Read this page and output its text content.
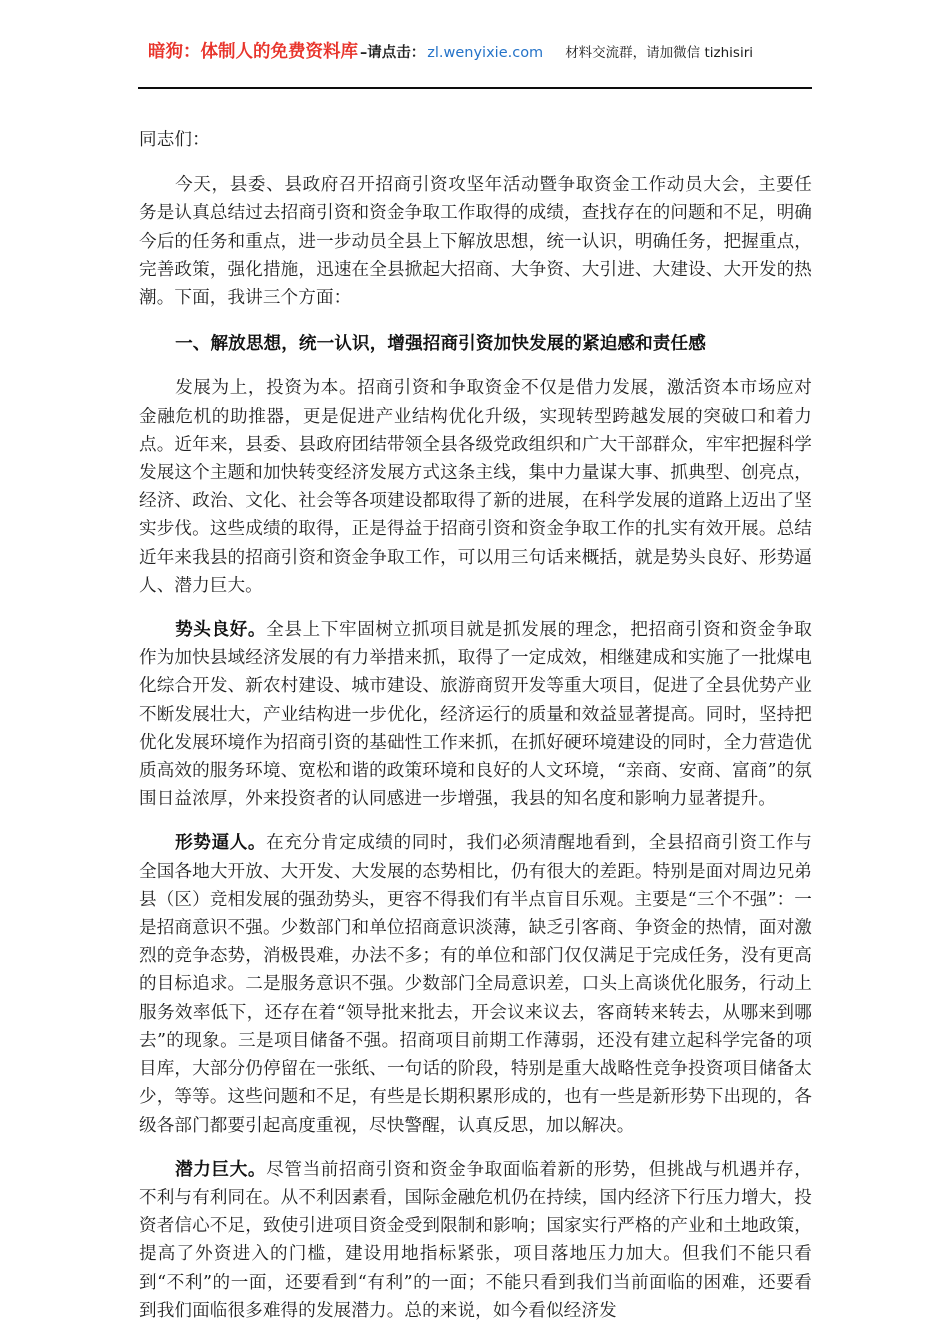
暗狗：体制人的免费资料库 –请点击： zl.wenyixie.com 材料交流群，请加微信 tizhisiri

同志们：

今天，县委、县政府召开招商引资攻坚年活动暨争取资金工作动员大会，主要任务是认真总结过去招商引资和资金争取工作取得的成绩，查找存在的问题和不足，明确今后的任务和重点，进一步动员全县上下解放思想，统一认识，明确任务，把握重点，完善政策，强化措施，迅速在全县掀起大招商、大争资、大引进、大建设、大开发的热潮。下面，我讲三个方面：

一、解放思想，统一认识，增强招商引资加快发展的紧迫感和责任感

发展为上，投资为本。招商引资和争取资金不仅是借力发展，激活资本市场应对金融危机的助推器，更是促进产业结构优化升级，实现转型跨越发展的突破口和着力点。近年来，县委、县政府团结带领全县各级党政组织和广大干部群众，牢牢把握科学发展这个主题和加快转变经济发展方式这条主线，集中力量谋大事、抓典型、创亮点，经济、政治、文化、社会等各项建设都取得了新的进展，在科学发展的道路上迈出了坚实步伐。这些成绩的取得，正是得益于招商引资和资金争取工作的扎实有效开展。总结近年来我县的招商引资和资金争取工作，可以用三句话来概括，就是势头良好、形势逼人、潜力巨大。

势头良好。全县上下牢固树立抓项目就是抓发展的理念，把招商引资和资金争取作为加快县域经济发展的有力举措来抓，取得了一定成效，相继建成和实施了一批煤电化综合开发、新农村建设、城市建设、旅游商贸开发等重大项目，促进了全县优势产业不断发展壮大，产业结构进一步优化，经济运行的质量和效益显著提高。同时，坚持把优化发展环境作为招商引资的基础性工作来抓，在抓好硬环境建设的同时，全力营造优质高效的服务环境、宽松和谐的政策环境和良好的人文环境，“亲商、安商、富商”的氛围日益浓厚，外来投资者的认同感进一步增强，我县的知名度和影响力显著提升。

形势逼人。在充分肯定成绩的同时，我们必须清醒地看到，全县招商引资工作与全国各地大开放、大开发、大发展的态势相比，仍有很大的差距。特别是面对周边兄弟县（区）竞相发展的强劲势头，更容不得我们有半点盲目乐观。主要是“三个不强”：一是招商意识不强。少数部门和单位招商意识淡薄，缺乏引客商、争资金的热情，面对激烈的竞争态势，消极畏难，办法不多；有的单位和部门仅仅满足于完成任务，没有更高的目标追求。二是服务意识不强。少数部门全局意识差，口头上高谈优化服务，行动上服务效率低下，还存在着“领导批来批去，开会议来议去，客商转来转去，从哪来到哪去”的现象。三是项目储备不强。招商项目前期工作薄弱，还没有建立起科学完备的项目库，大部分仍停留在一张纸、一句话的阶段，特别是重大战略性竞争投资项目储备太少，等等。这些问题和不足，有些是长期积累形成的，也有一些是新形势下出现的，各级各部门都要引起高度重视，尽快警醒，认真反思，加以解决。

潜力巨大。尽管当前招商引资和资金争取面临着新的形势，但挑战与机遇并存，不利与有利同在。从不利因素看，国际金融危机仍在持续，国内经济下行压力增大，投资者信心不足，致使引进项目资金受到限制和影响；国家实行严格的产业和土地政策，提高了外资进入的门槛，建设用地指标紧张，项目落地压力加大。但我们不能只看到“不利”的一面，还要看到“有利”的一面；不能只看到我们当前面临的困难，还要看到我们面临很多难得的发展潜力。总的来说，如今看似经济发
